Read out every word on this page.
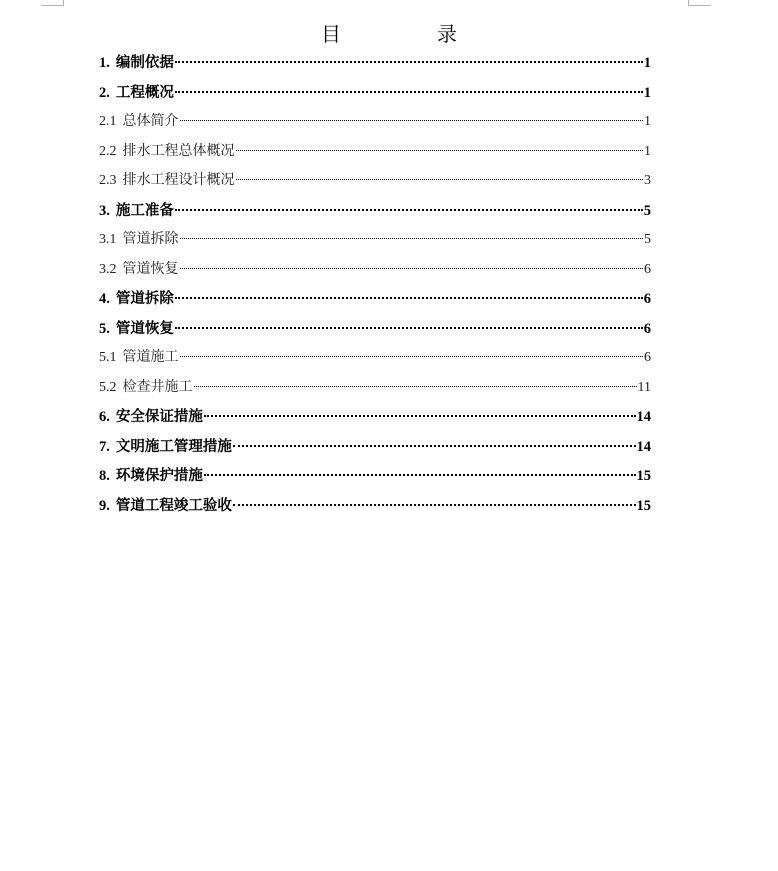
目　录
1. 编制依据	1
2. 工程概况	1
2.1 总体简介	1
2.2 排水工程总体概况	1
2.3 排水工程设计概况	3
3. 施工准备	5
3.1 管道拆除	5
3.2 管道恢复	6
4. 管道拆除	6
5. 管道恢复	6
5.1 管道施工	6
5.2 检查井施工	11
6. 安全保证措施	14
7. 文明施工管理措施	14
8. 环境保护措施	15
9. 管道工程竣工验收	15
